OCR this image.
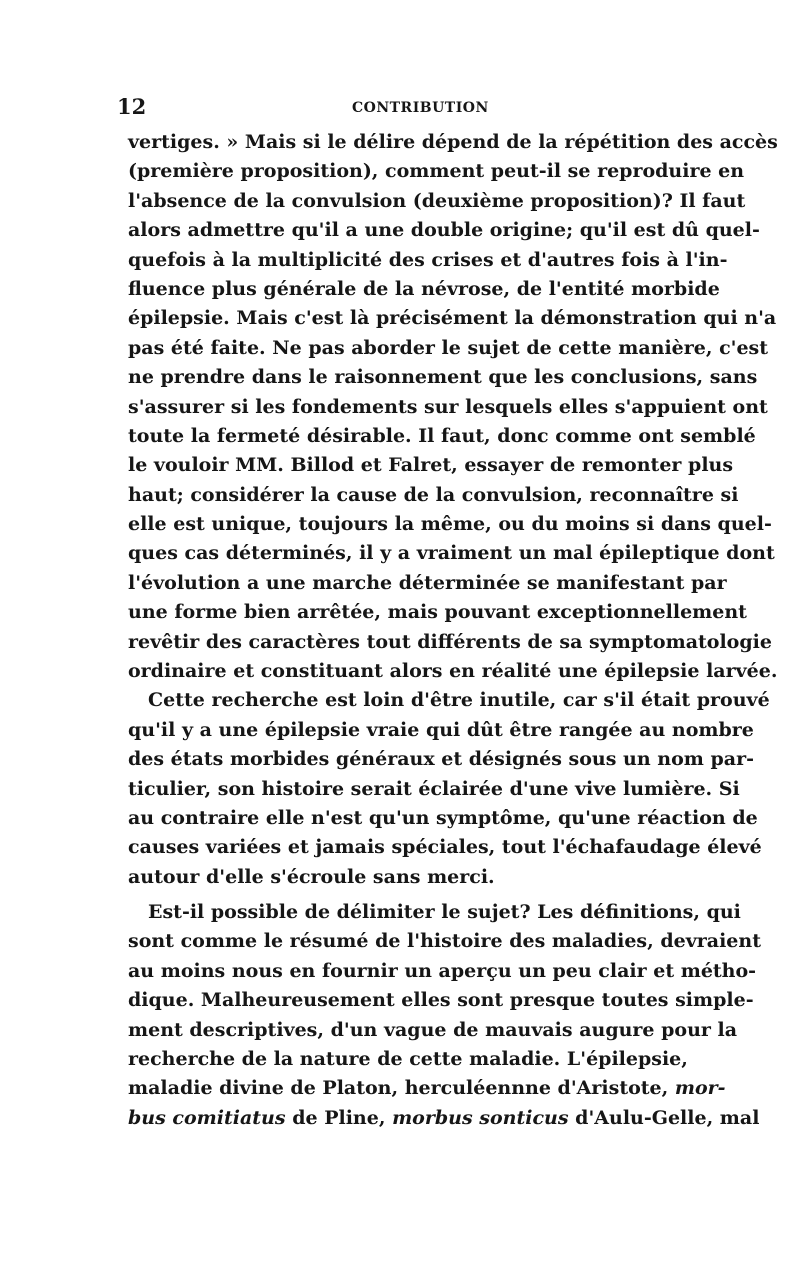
12	CONTRIBUTION
vertiges. » Mais si le délire dépend de la répétition des accès
(première proposition), comment peut-il se reproduire en
l'absence de la convulsion (deuxième proposition)? Il faut
alors admettre qu'il a une double origine; qu'il est dû quel-
quefois à la multiplicité des crises et d'autres fois à l'in-
fluence plus générale de la névrose, de l'entité morbide
épilepsie. Mais c'est là précisément la démonstration qui n'a
pas été faite. Ne pas aborder le sujet de cette manière, c'est
ne prendre dans le raisonnement que les conclusions, sans
s'assurer si les fondements sur lesquels elles s'appuient ont
toute la fermeté désirable. Il faut, donc comme ont semblé
le vouloir MM. Billod et Falret, essayer de remonter plus
haut; considérer la cause de la convulsion, reconnaître si
elle est unique, toujours la même, ou du moins si dans quel-
ques cas déterminés, il y a vraiment un mal épileptique dont
l'évolution a une marche déterminée se manifestant par
une forme bien arrêtée, mais pouvant exceptionnellement
revêtir des caractères tout différents de sa symptomatologie
ordinaire et constituant alors en réalité une épilepsie larvée.
Cette recherche est loin d'être inutile, car s'il était prouvé
qu'il y a une épilepsie vraie qui dût être rangée au nombre
des états morbides généraux et désignés sous un nom par-
ticulier, son histoire serait éclairée d'une vive lumière. Si
au contraire elle n'est qu'un symptôme, qu'une réaction de
causes variées et jamais spéciales, tout l'échafaudage élevé
autour d'elle s'écroule sans merci.
Est-il possible de délimiter le sujet? Les définitions, qui
sont comme le résumé de l'histoire des maladies, devraient
au moins nous en fournir un aperçu un peu clair et métho-
dique. Malheureusement elles sont presque toutes simple-
ment descriptives, d'un vague de mauvais augure pour la
recherche de la nature de cette maladie. L'épilepsie,
maladie divine de Platon, herculéennne d'Aristote, mor-
bus comitiatus de Pline, morbus sonticus d'Aulu-Gelle, mal
